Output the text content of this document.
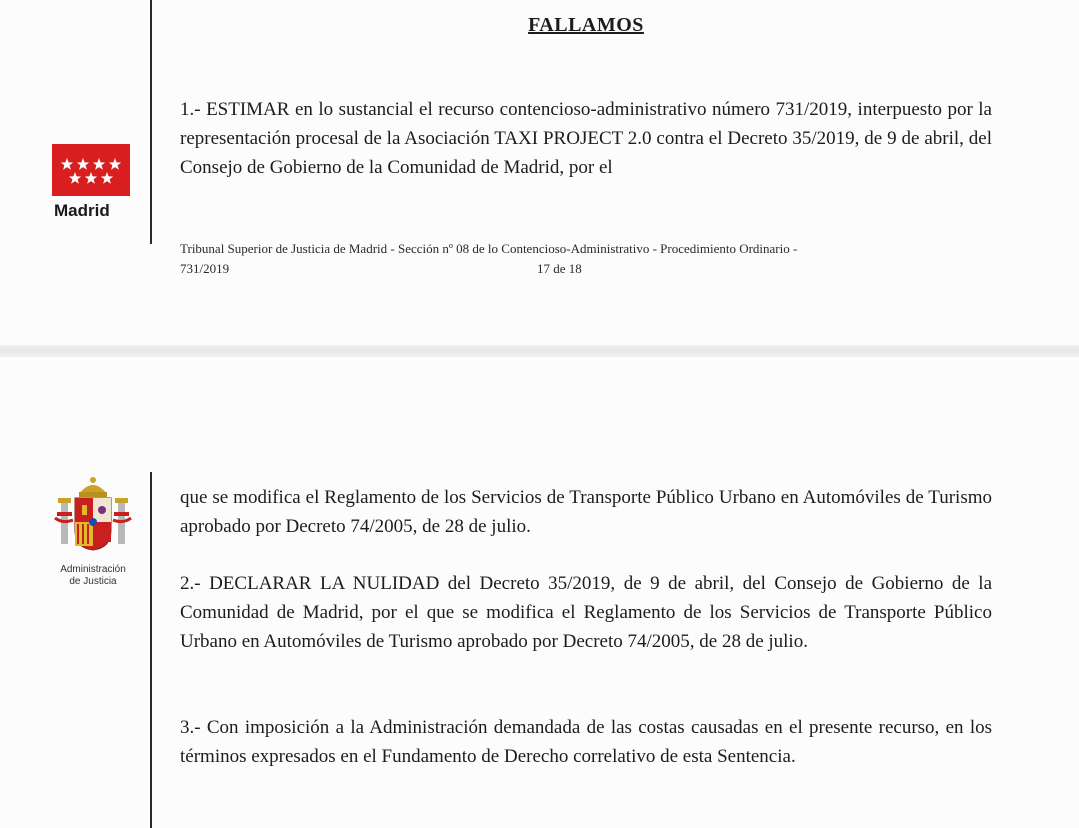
Madrid
FALLAMOS

1.- ESTIMAR en lo sustancial el recurso contencioso-administrativo número 731/2019, interpuesto por la representación procesal de la Asociación TAXI PROJECT 2.0 contra el Decreto 35/2019, de 9 de abril, del Consejo de Gobierno de la Comunidad de Madrid, por el

Tribunal Superior de Justicia de Madrid - Sección nº 08 de lo Contencioso-Administrativo - Procedimiento Ordinario -

731/2019	17 de 18
Administración
de Justicia

que se modifica el Reglamento de los Servicios de Transporte Público Urbano en Automóviles de Turismo aprobado por Decreto 74/2005, de 28 de julio.

2.- DECLARAR LA NULIDAD del Decreto 35/2019, de 9 de abril, del Consejo de Gobierno de la Comunidad de Madrid, por el que se modifica el Reglamento de los Servicios de Transporte Público Urbano en Automóviles de Turismo aprobado por Decreto 74/2005, de 28 de julio.

3.- Con imposición a la Administración demandada de las costas causadas en el presente recurso, en los términos expresados en el Fundamento de Derecho correlativo de esta Sentencia.
